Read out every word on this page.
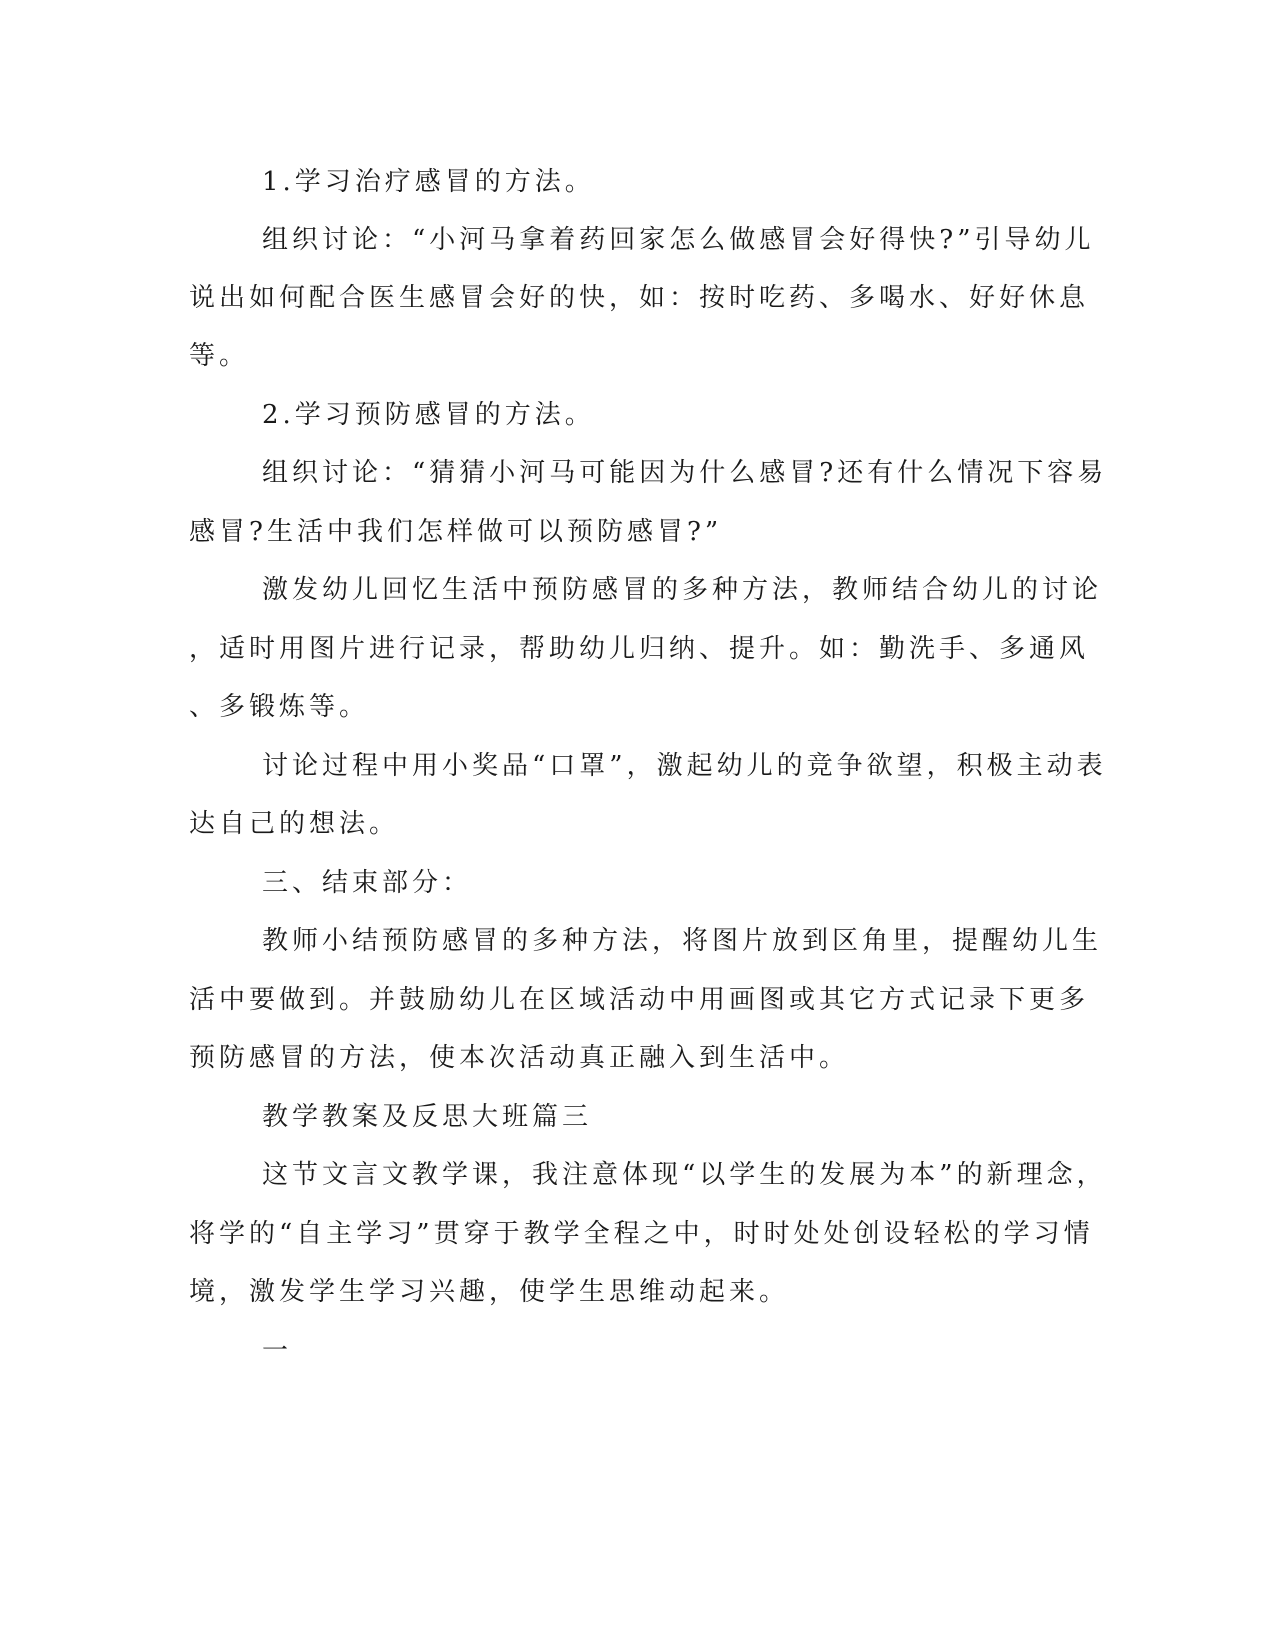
1.学习治疗感冒的方法。
组织讨论：“小河马拿着药回家怎么做感冒会好得快?”引导幼儿
说出如何配合医生感冒会好的快，如：按时吃药、多喝水、好好休息
等。
2.学习预防感冒的方法。
组织讨论：“猜猜小河马可能因为什么感冒?还有什么情况下容易
感冒?生活中我们怎样做可以预防感冒?”
激发幼儿回忆生活中预防感冒的多种方法，教师结合幼儿的讨论
，适时用图片进行记录，帮助幼儿归纳、提升。如：勤洗手、多通风
、多锻炼等。
讨论过程中用小奖品“口罩”，激起幼儿的竞争欲望，积极主动表
达自己的想法。
三、结束部分：
教师小结预防感冒的多种方法，将图片放到区角里，提醒幼儿生
活中要做到。并鼓励幼儿在区域活动中用画图或其它方式记录下更多
预防感冒的方法，使本次活动真正融入到生活中。
教学教案及反思大班篇三
这节文言文教学课，我注意体现“以学生的发展为本”的新理念，
将学的“自主学习”贯穿于教学全程之中，时时处处创设轻松的学习情
境，激发学生学习兴趣，使学生思维动起来。
一
